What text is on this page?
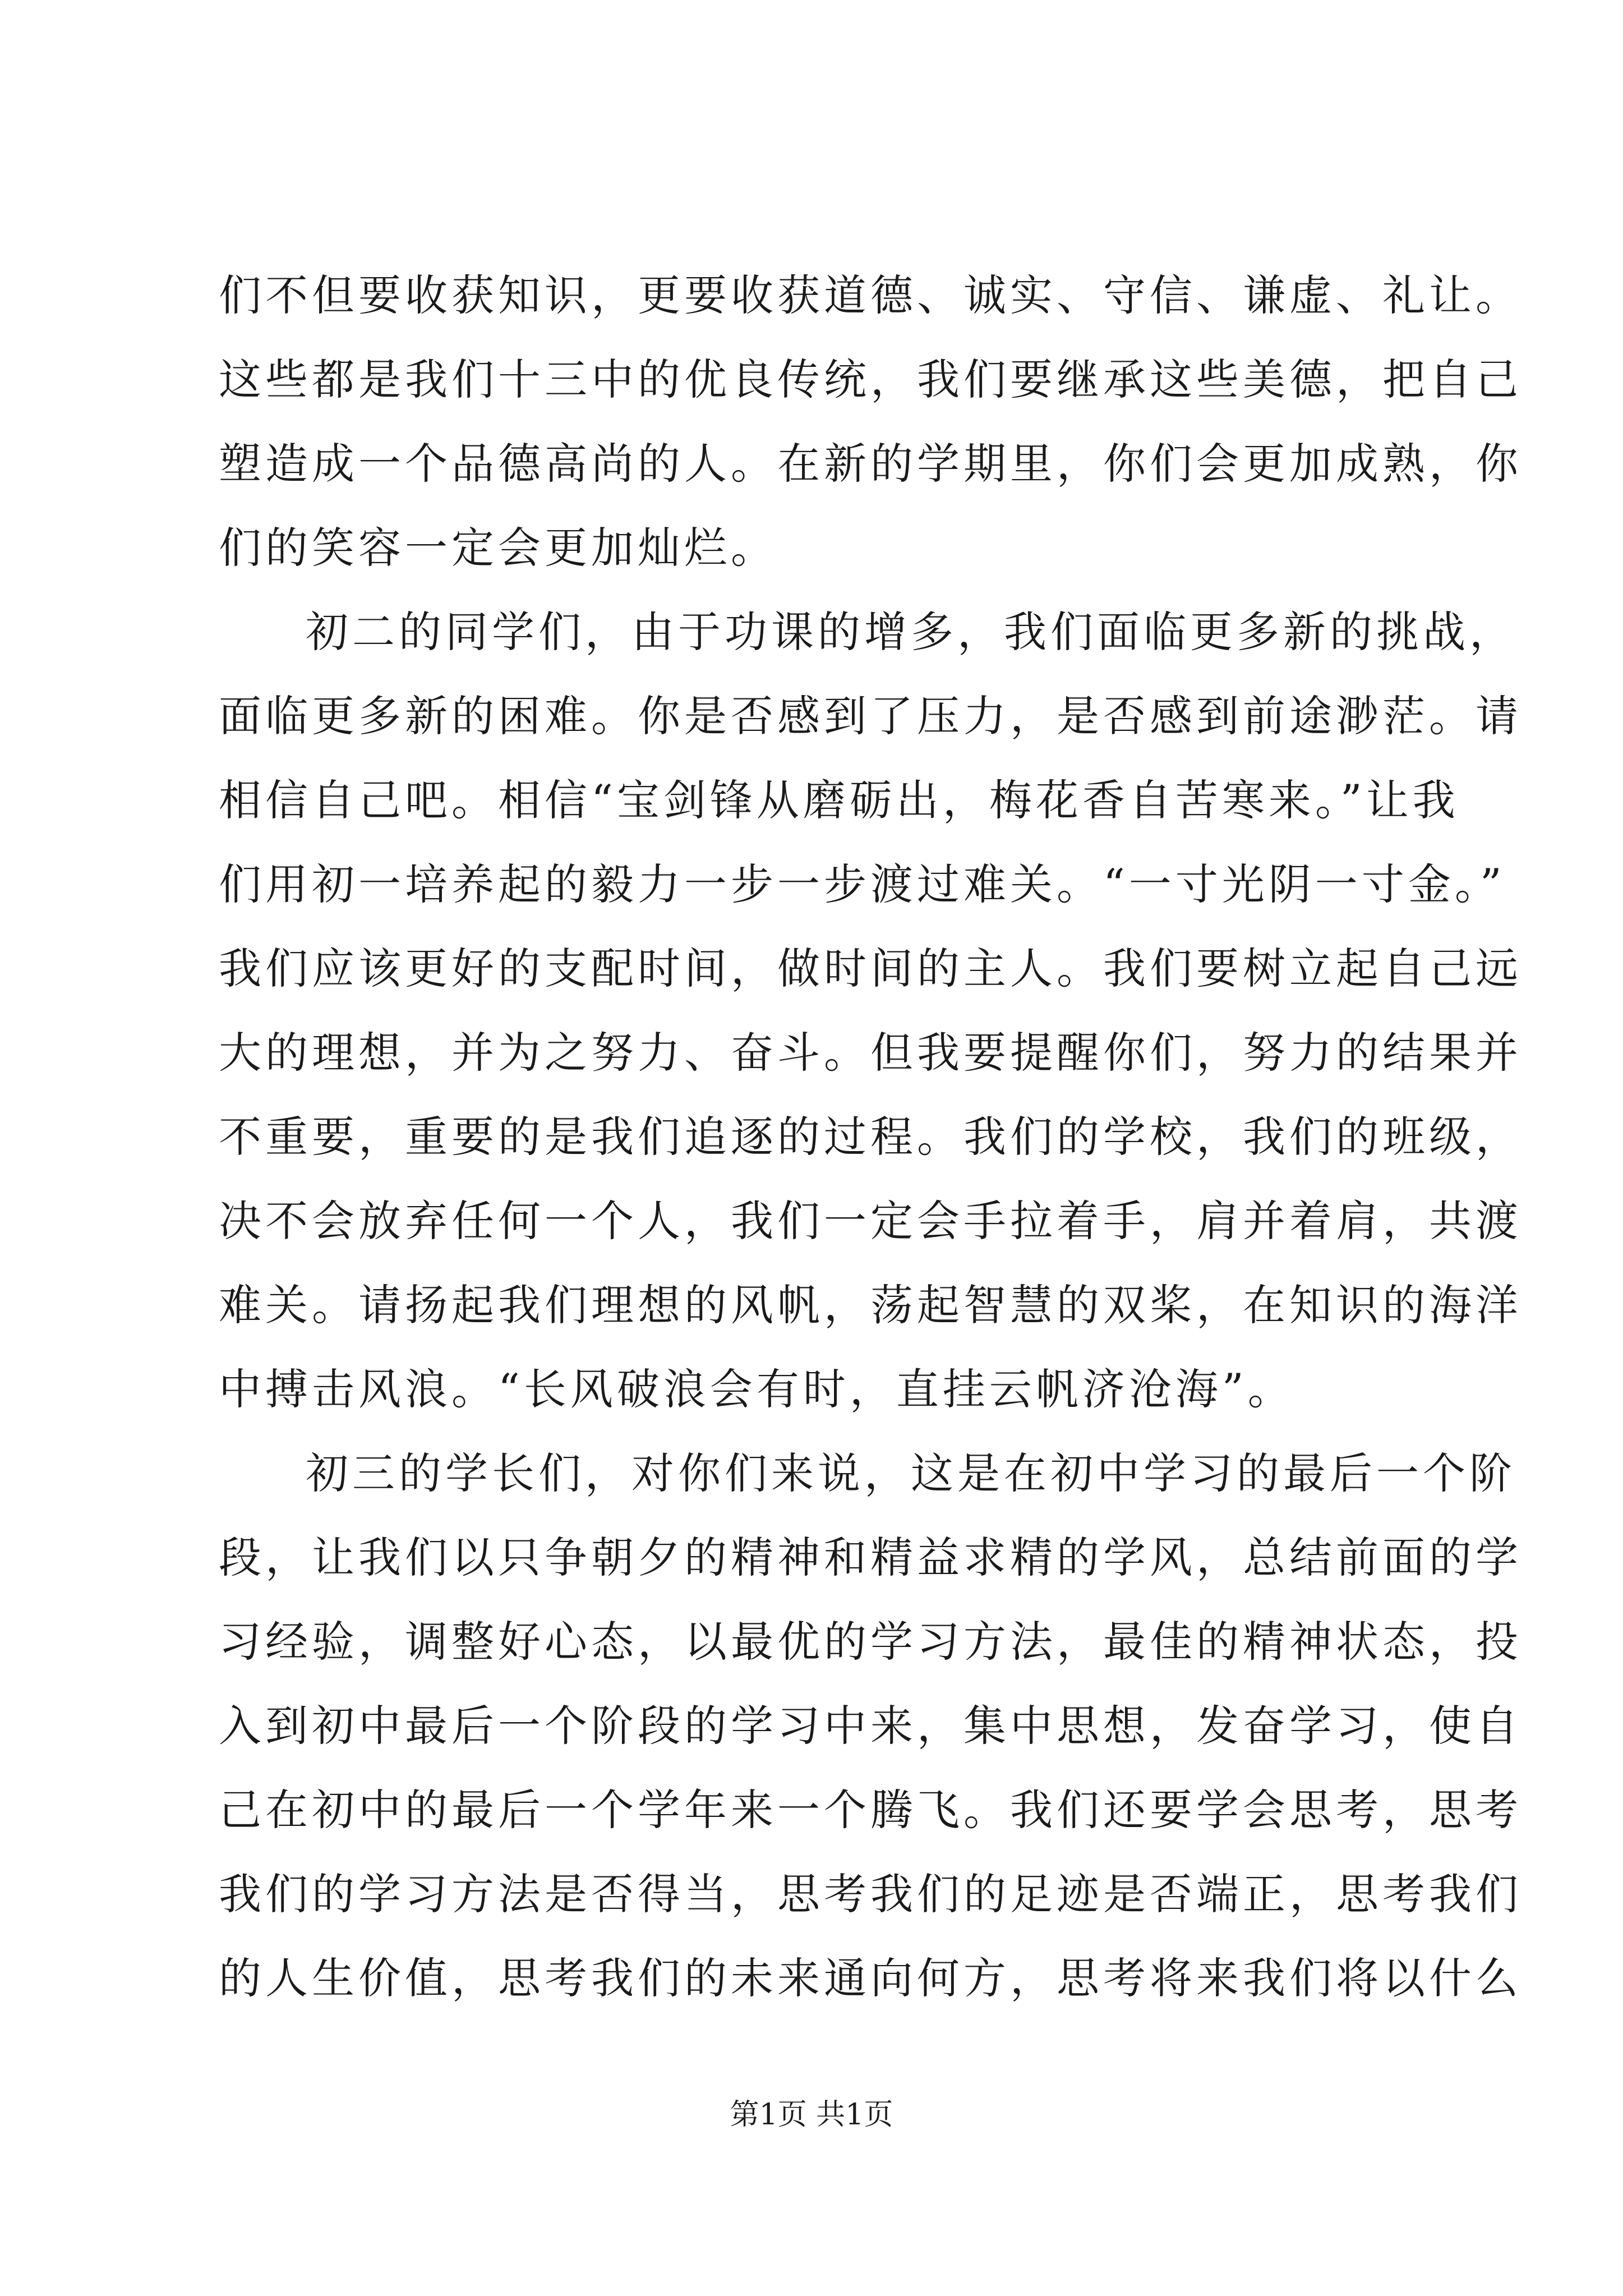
们不但要收获知识，更要收获道德、诚实、守信、谦虚、礼让。
这些都是我们十三中的优良传统，我们要继承这些美德，把自己
塑造成一个品德高尚的人。在新的学期里，你们会更加成熟，你
们的笑容一定会更加灿烂。
初二的同学们，由于功课的增多，我们面临更多新的挑战，
面临更多新的困难。你是否感到了压力，是否感到前途渺茫。请
相信自己吧。相信“宝剑锋从磨砺出，梅花香自苦寒来。”让我
们用初一培养起的毅力一步一步渡过难关。“一寸光阴一寸金。”
我们应该更好的支配时间，做时间的主人。我们要树立起自己远
大的理想，并为之努力、奋斗。但我要提醒你们，努力的结果并
不重要，重要的是我们追逐的过程。我们的学校，我们的班级，
决不会放弃任何一个人，我们一定会手拉着手，肩并着肩，共渡
难关。请扬起我们理想的风帆，荡起智慧的双桨，在知识的海洋
中搏击风浪。“长风破浪会有时，直挂云帆济沧海”。
初三的学长们，对你们来说，这是在初中学习的最后一个阶
段，让我们以只争朝夕的精神和精益求精的学风，总结前面的学
习经验，调整好心态，以最优的学习方法，最佳的精神状态，投
入到初中最后一个阶段的学习中来，集中思想，发奋学习，使自
己在初中的最后一个学年来一个腾飞。我们还要学会思考，思考
我们的学习方法是否得当，思考我们的足迹是否端正，思考我们
的人生价值，思考我们的未来通向何方，思考将来我们将以什么
第1页 共1页
